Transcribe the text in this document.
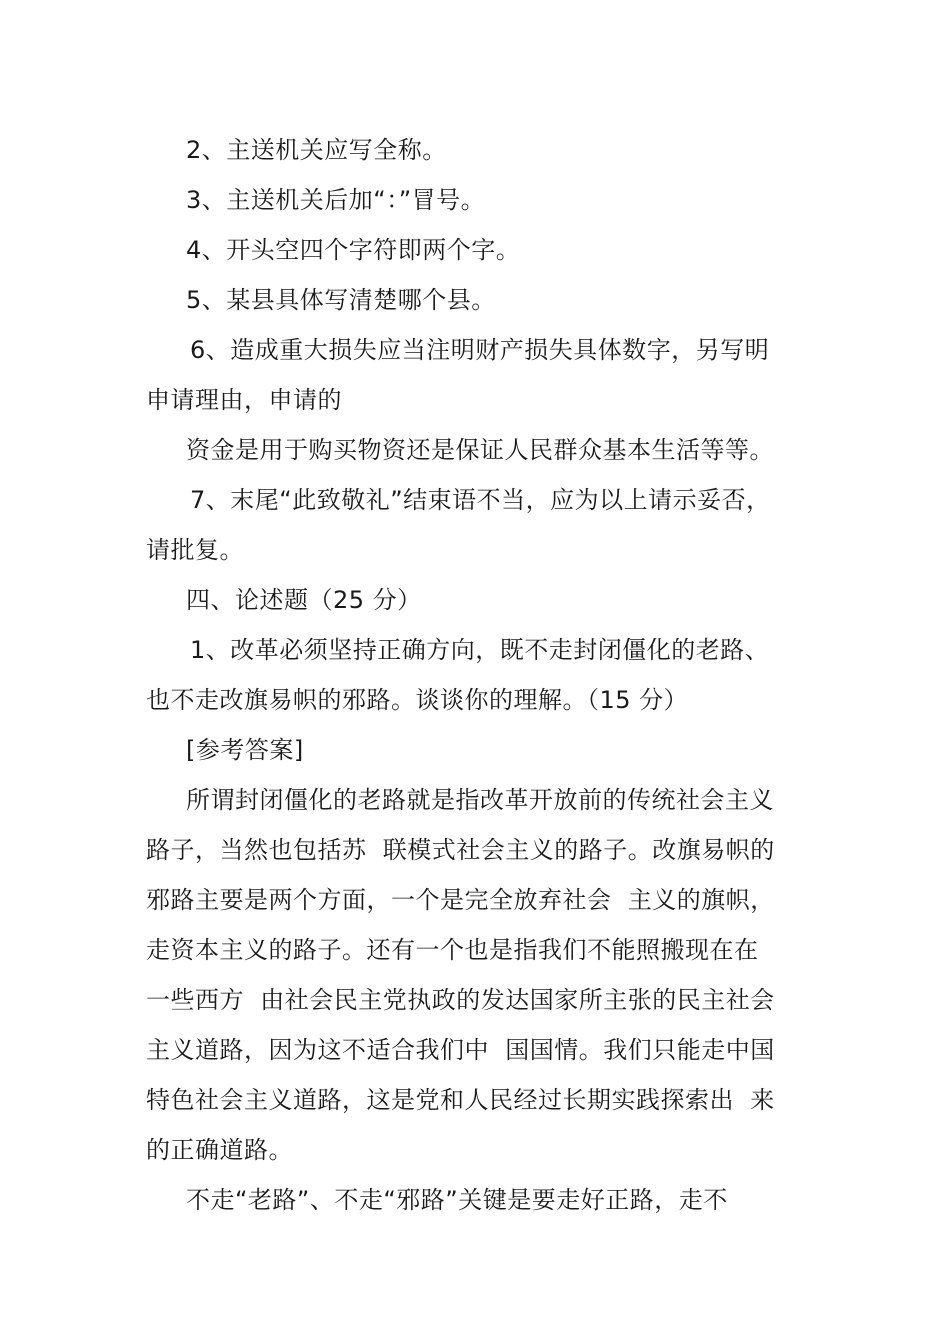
2、主送机关应写全称。
3、主送机关后加“：”冒号。
4、开头空四个字符即两个字。
5、某县具体写清楚哪个县。
6、造成重大损失应当注明财产损失具体数字，另写明
申请理由，申请的
资金是用于购买物资还是保证人民群众基本生活等等。
7、末尾“此致敬礼”结束语不当，应为以上请示妥否，
请批复。
四、论述题（25 分）
1、改革必须坚持正确方向，既不走封闭僵化的老路、
也不走改旗易帜的邪路。谈谈你的理解。（15 分）
[参考答案]
所谓封闭僵化的老路就是指改革开放前的传统社会主义
路子，当然也包括苏  联模式社会主义的路子。改旗易帜的
邪路主要是两个方面，一个是完全放弃社会  主义的旗帜，
走资本主义的路子。还有一个也是指我们不能照搬现在在
一些西方  由社会民主党执政的发达国家所主张的民主社会
主义道路，因为这不适合我们中  国国情。我们只能走中国
特色社会主义道路，这是党和人民经过长期实践探索出  来
的正确道路。
不走“老路”、不走“邪路”关键是要走好正路，走不
